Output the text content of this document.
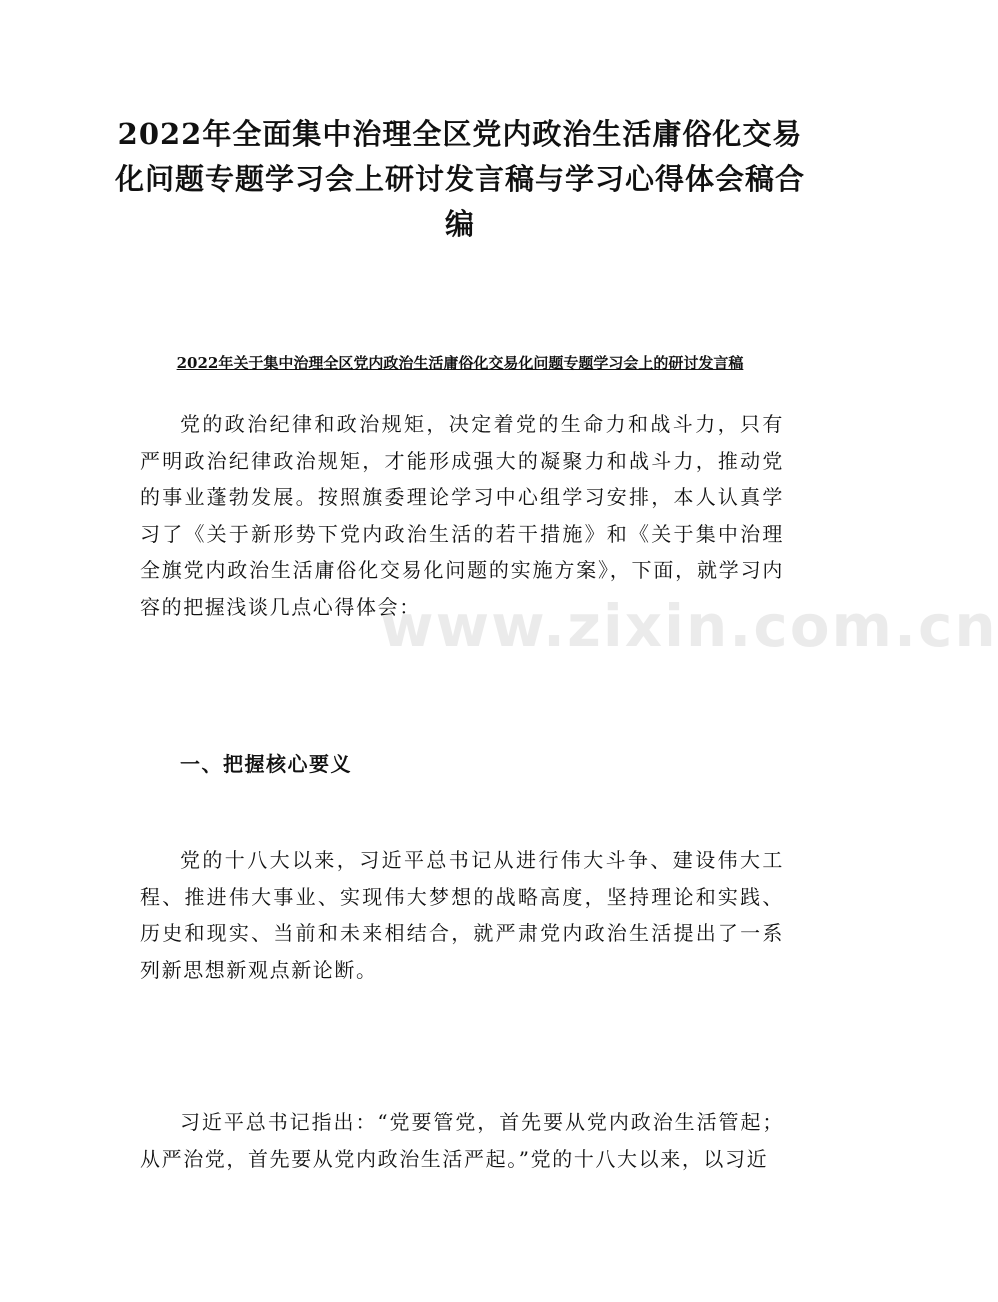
2022年全面集中治理全区党内政治生活庸俗化交易化问题专题学习会上研讨发言稿与学习心得体会稿合编
2022年关于集中治理全区党内政治生活庸俗化交易化问题专题学习会上的研讨发言稿
党的政治纪律和政治规矩，决定着党的生命力和战斗力，只有严明政治纪律政治规矩，才能形成强大的凝聚力和战斗力，推动党的事业蓬勃发展。按照旗委理论学习中心组学习安排，本人认真学习了《关于新形势下党内政治生活的若干措施》和《关于集中治理全旗党内政治生活庸俗化交易化问题的实施方案》，下面，就学习内容的把握浅谈几点心得体会：
一、把握核心要义
党的十八大以来，习近平总书记从进行伟大斗争、建设伟大工程、推进伟大事业、实现伟大梦想的战略高度，坚持理论和实践、历史和现实、当前和未来相结合，就严肃党内政治生活提出了一系列新思想新观点新论断。
习近平总书记指出：“党要管党，首先要从党内政治生活管起；从严治党，首先要从党内政治生活严起。”党的十八大以来，以习近
www.zixin.com.cn
